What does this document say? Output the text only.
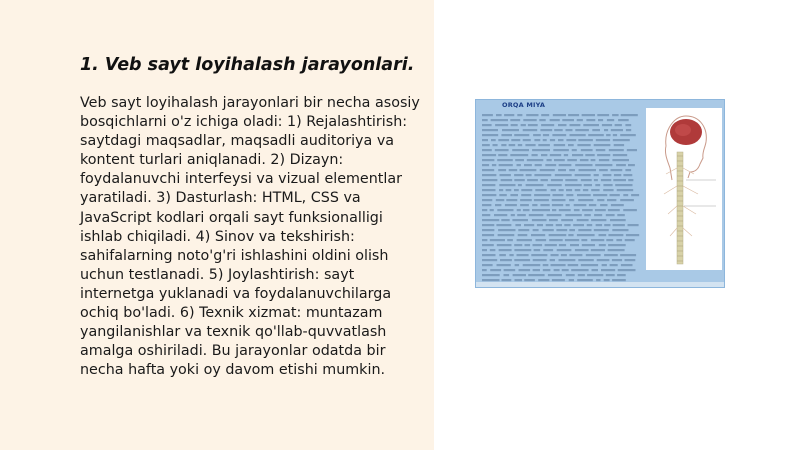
1. Veb sayt loyihalash jarayonlari.

Veb sayt loyihalash jarayonlari bir necha asosiy bosqichlarni o'z ichiga oladi: 1) Rejalashtirish: saytdagi maqsadlar, maqsadli auditoriya va kontent turlari aniqlanadi. 2) Dizayn: foydalanuvchi interfeysi va vizual elementlar yaratiladi. 3) Dasturlash: HTML, CSS va JavaScript kodlari orqali sayt funksionalligi ishlab chiqiladi. 4) Sinov va tekshirish: sahifalarning noto'g'ri ishlashini oldini olish uchun testlanadi. 5) Joylashtirish: sayt internetga yuklanadi va foydalanuvchilarga ochiq bo'ladi. 6) Texnik xizmat: muntazam yangilanishlar va texnik qo'llab-quvvatlash amalga oshiriladi. Bu jarayonlar odatda bir necha hafta yoki oy davom etishi mumkin.

ORQA MIYA
